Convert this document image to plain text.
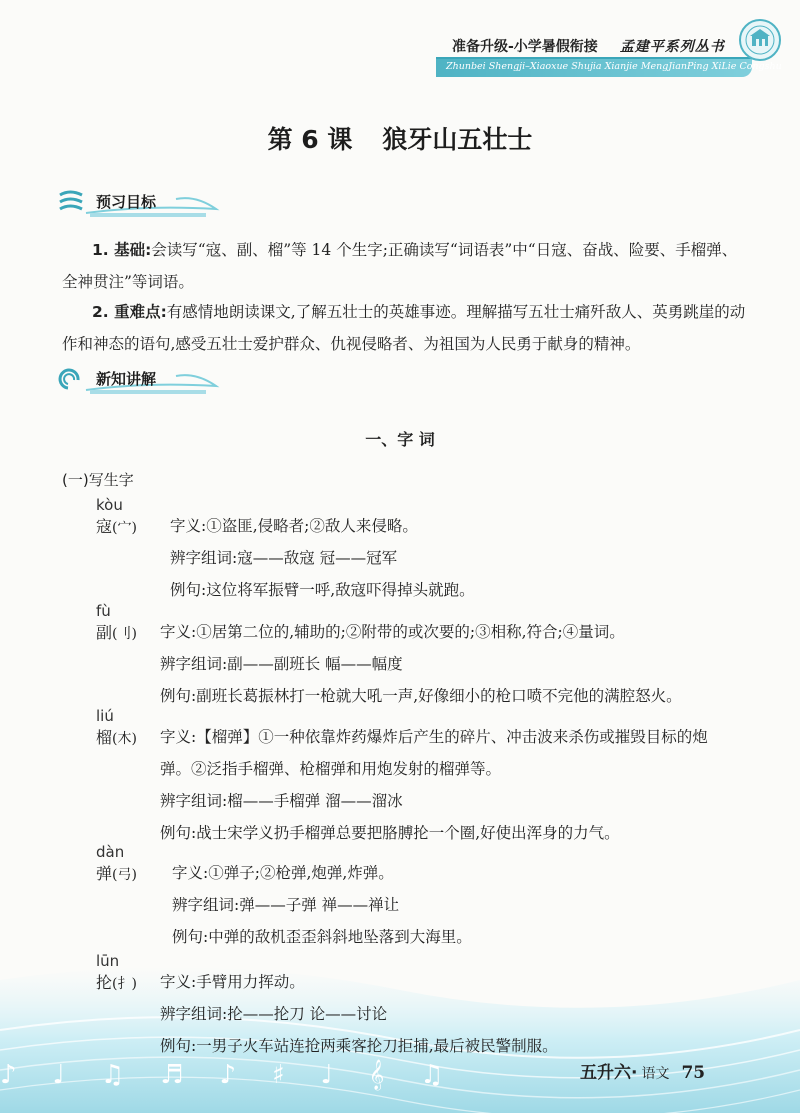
准备升级-小学暑假衔接 孟建平系列丛书
Zhunbei Shengji–Xiaoxue Shujia Xianjie MengJianPing XiLie Congshu
第 6 课 狼牙山五壮士
预习目标
1. 基础:会读写“寇、副、榴”等 14 个生字;正确读写“词语表”中“日寇、奋战、险要、手榴弹、全神贯注”等词语。
2. 重难点:有感情地朗读课文,了解五壮士的英雄事迹。理解描写五壮士痛歼敌人、英勇跳崖的动作和神态的语句,感受五壮士爱护群众、仇视侵略者、为祖国为人民勇于献身的精神。
新知讲解
一、字 词
(一)写生字
kòu
寇(宀) 字义:①盗匪,侵略者;②敌人来侵略。
辨字组词:寇——敌寇 冠——冠军
例句:这位将军振臂一呼,敌寇吓得掉头就跑。
fù
副(刂) 字义:①居第二位的,辅助的;②附带的或次要的;③相称,符合;④量词。
辨字组词:副——副班长 幅——幅度
例句:副班长葛振林打一枪就大吼一声,好像细小的枪口喷不完他的满腔怒火。
liú
榴(木) 字义:【榴弹】①一种依靠炸药爆炸后产生的碎片、冲击波来杀伤或摧毁目标的炮
弹。②泛指手榴弹、枪榴弹和用炮发射的榴弹等。
辨字组词:榴——手榴弹 溜——溜冰
例句:战士宋学义扔手榴弹总要把胳膊抡一个圈,好使出浑身的力气。
dàn
弹(弓) 字义:①弹子;②枪弹,炮弹,炸弹。
辨字组词:弹——子弹 禅——禅让
例句:中弹的敌机歪歪斜斜地坠落到大海里。
♪♩♫♬♪♯♩𝄞♫
lūn
抡(扌) 字义:手臂用力挥动。
辨字组词:抡——抡刀 论——讨论
例句:一男子火车站连抢两乘客抡刀拒捕,最后被民警制服。
五升六· 语文 75
